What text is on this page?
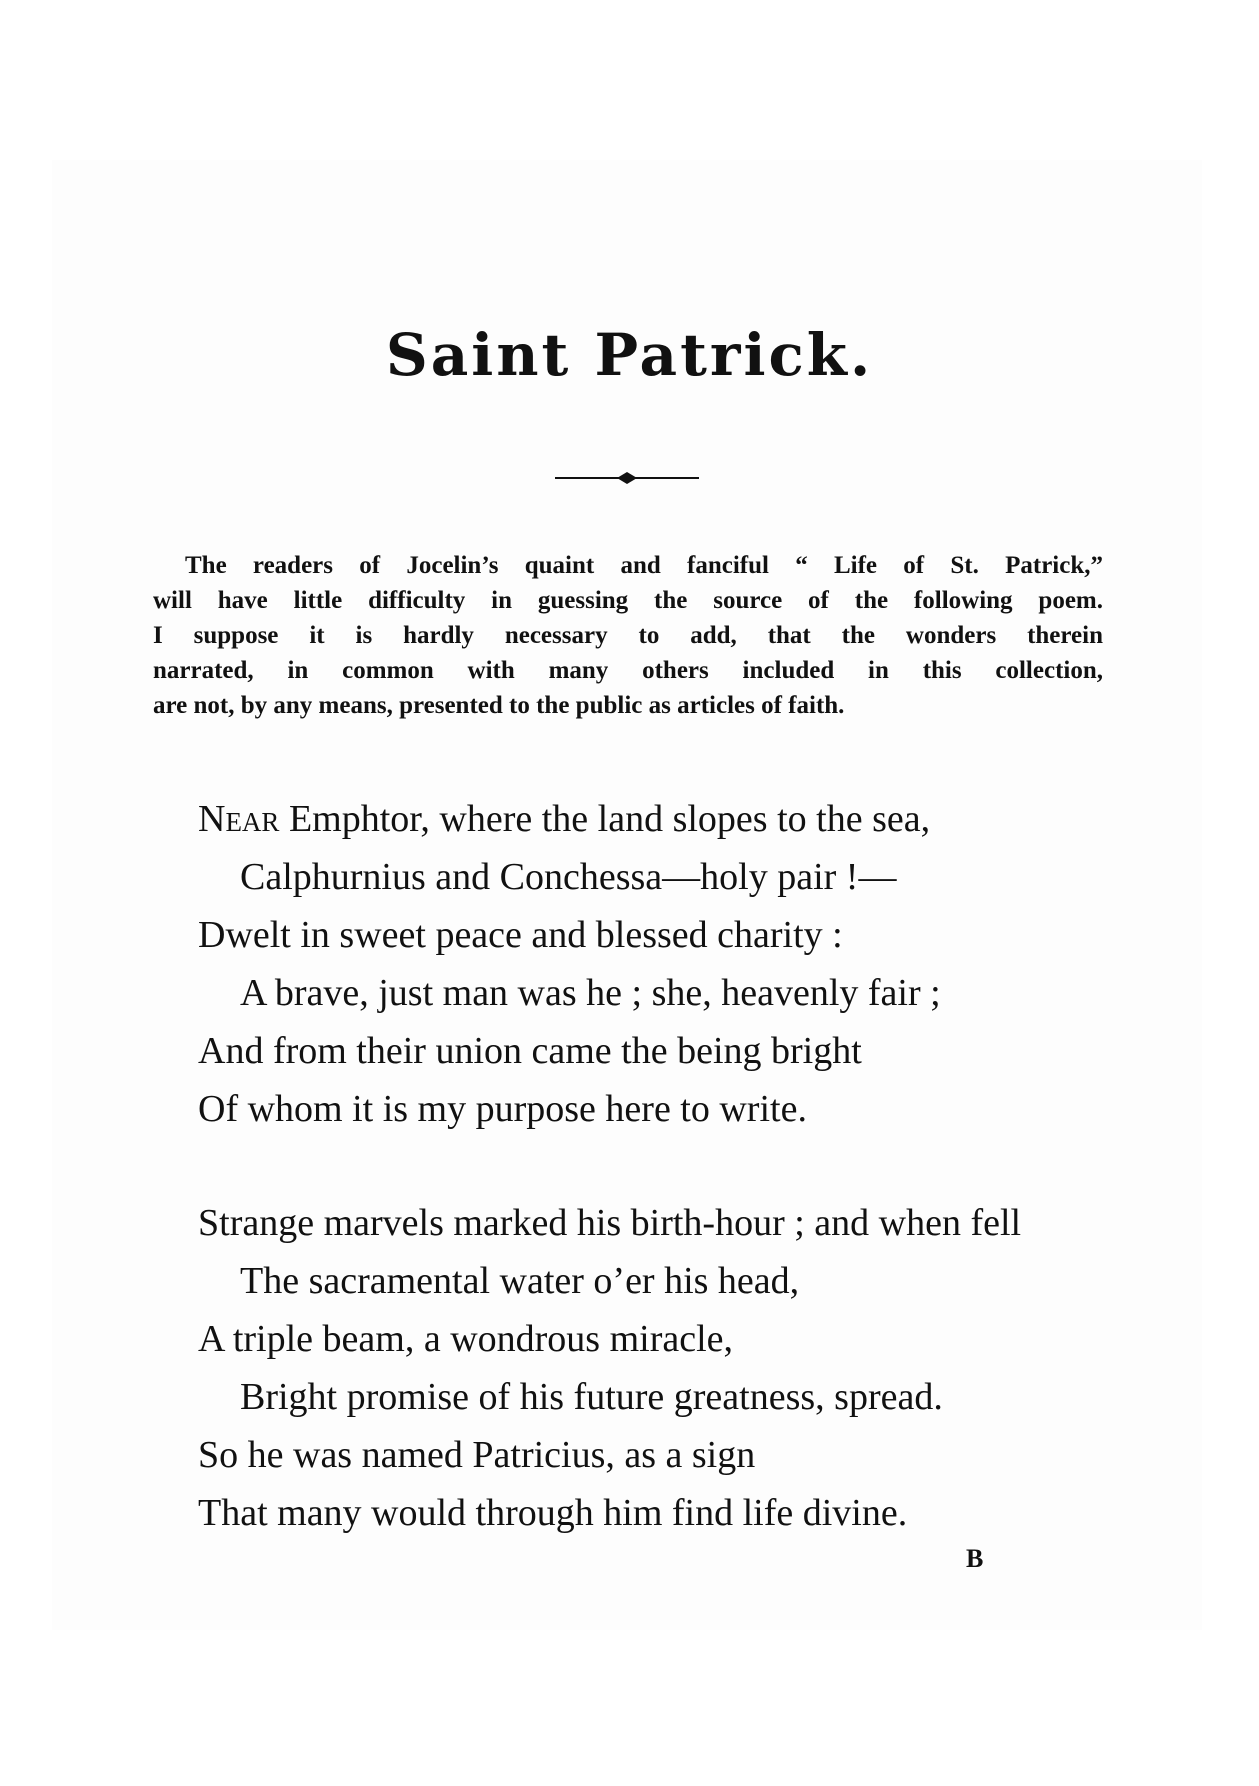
Saint Patrick.
The readers of Jocelin’s quaint and fanciful “ Life of St. Patrick,”
will have little difficulty in guessing the source of the following poem.
I suppose it is hardly necessary to add, that the wonders therein
narrated, in common with many others included in this collection,
are not, by any means, presented to the public as articles of faith.
Near Emphtor, where the land slopes to the sea,
Calphurnius and Conchessa—holy pair !—
Dwelt in sweet peace and blessed charity :
A brave, just man was he ; she, heavenly fair ;
And from their union came the being bright
Of whom it is my purpose here to write.
Strange marvels marked his birth-hour ; and when fell
The sacramental water o’er his head,
A triple beam, a wondrous miracle,
Bright promise of his future greatness, spread.
So he was named Patricius, as a sign
That many would through him find life divine.
B
